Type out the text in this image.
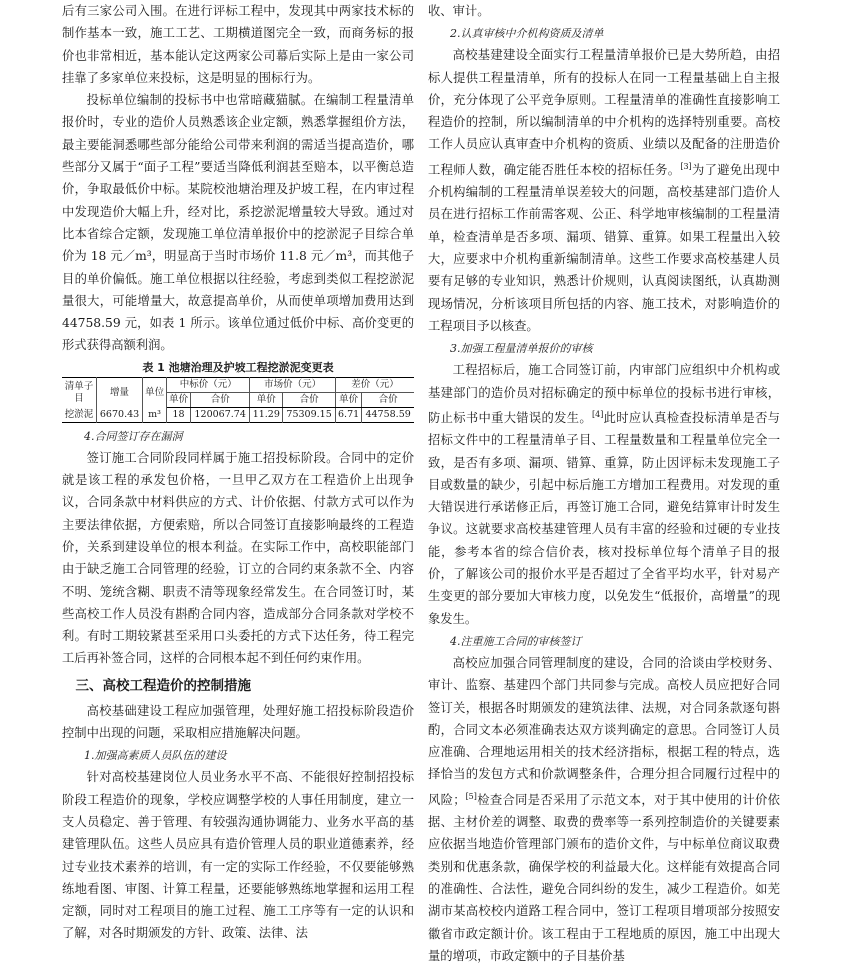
后有三家公司入围。在进行评标工程中，发现其中两家技术标的制作基本一致，施工工艺、工期横道图完全一致，而商务标的报价也非常相近，基本能认定这两家公司幕后实际上是由一家公司挂靠了多家单位来投标，这是明显的围标行为。

投标单位编制的投标书中也常暗藏猫腻。在编制工程量清单报价时，专业的造价人员熟悉该企业定额，熟悉掌握组价方法，最主要能洞悉哪些部分能给公司带来利润的需适当提高造价，哪些部分又属于“面子工程”要适当降低利润甚至赔本，以平衡总造价，争取最低价中标。某院校池塘治理及护坡工程，在内审过程中发现造价大幅上升，经对比，系挖淤泥增量较大导致。通过对比本省综合定额，发现施工单位清单报价中的挖淤泥子目综合单价为 18 元／m³，明显高于当时市场价 11.8 元／m³，而其他子目的单价偏低。施工单位根据以往经验，考虑到类似工程挖淤泥量很大，可能增量大，故意提高单价，从而使单项增加费用达到 44758.59 元，如表 1 所示。该单位通过低价中标、高价变更的形式获得高额利润。

表 1 池塘治理及护坡工程挖淤泥变更表
清单子目	增量	单位	中标价（元）		市场价（元）		差价（元）	
			单价	合价	单价	合价	单价	合价
挖淤泥	6670.43	m³	18	120067.74	11.29	75309.15	6.71	44758.59
4.合同签订存在漏洞

签订施工合同阶段同样属于施工招投标阶段。合同中的定价就是该工程的承发包价格，一旦甲乙双方在工程造价上出现争议，合同条款中材料供应的方式、计价依据、付款方式可以作为主要法律依据，方便索赔，所以合同签订直接影响最终的工程造价，关系到建设单位的根本利益。在实际工作中，高校职能部门由于缺乏施工合同管理的经验，订立的合同约束条款不全、内容不明、笼统含糊、职责不清等现象经常发生。在合同签订时，某些高校工作人员没有斟酌合同内容，造成部分合同条款对学校不利。有时工期较紧甚至采用口头委托的方式下达任务，待工程完工后再补签合同，这样的合同根本起不到任何约束作用。

三、高校工程造价的控制措施

高校基础建设工程应加强管理，处理好施工招投标阶段造价控制中出现的问题，采取相应措施解决问题。

1.加强高素质人员队伍的建设

针对高校基建岗位人员业务水平不高、不能很好控制招投标阶段工程造价的现象，学校应调整学校的人事任用制度，建立一支人员稳定、善于管理、有较强沟通协调能力、业务水平高的基建管理队伍。这些人员应具有造价管理人员的职业道德素养，经过专业技术素养的培训，有一定的实际工作经验，不仅要能够熟练地看图、审图、计算工程量，还要能够熟练地掌握和运用工程定额，同时对工程项目的施工过程、施工工序等有一定的认识和了解，对各时期颁发的方针、政策、法律、法

收、审计。

2.认真审核中介机构资质及清单

高校基建建设全面实行工程量清单报价已是大势所趋，由招标人提供工程量清单，所有的投标人在同一工程量基础上自主报价，充分体现了公平竞争原则。工程量清单的准确性直接影响工程造价的控制，所以编制清单的中介机构的选择特别重要。高校工作人员应认真审查中介机构的资质、业绩以及配备的注册造价工程师人数，确定能否胜任本校的招标任务。[3]为了避免出现中介机构编制的工程量清单误差较大的问题，高校基建部门造价人员在进行招标工作前需客观、公正、科学地审核编制的工程量清单，检查清单是否多项、漏项、错算、重算。如果工程量出入较大，应要求中介机构重新编制清单。这些工作要求高校基建人员要有足够的专业知识，熟悉计价规则，认真阅读图纸，认真勘测现场情况，分析该项目所包括的内容、施工技术，对影响造价的工程项目予以核查。

3.加强工程量清单报价的审核

工程招标后，施工合同签订前，内审部门应组织中介机构或基建部门的造价员对招标确定的预中标单位的投标书进行审核，防止标书中重大错误的发生。[4]此时应认真检查投标清单是否与招标文件中的工程量清单子目、工程量数量和工程量单位完全一致，是否有多项、漏项、错算、重算，防止因评标未发现施工子目或数量的缺少，引起中标后施工方增加工程费用。对发现的重大错误进行承诺修正后，再签订施工合同，避免结算审计时发生争议。这就要求高校基建管理人员有丰富的经验和过硬的专业技能，参考本省的综合信价表，核对投标单位每个清单子目的报价，了解该公司的报价水平是否超过了全省平均水平，针对易产生变更的部分要加大审核力度，以免发生“低报价，高增量”的现象发生。

4.注重施工合同的审核签订

高校应加强合同管理制度的建设，合同的洽谈由学校财务、审计、监察、基建四个部门共同参与完成。高校人员应把好合同签订关，根据各时期颁发的建筑法律、法规，对合同条款逐句斟酌，合同文本必须准确表达双方谈判确定的意思。合同签订人员应准确、合理地运用相关的技术经济指标，根据工程的特点，选择恰当的发包方式和价款调整条件，合理分担合同履行过程中的风险；[5]检查合同是否采用了示范文本，对于其中使用的计价依据、主材价差的调整、取费的费率等一系列控制造价的关键要素应依据当地造价管理部门颁布的造价文件，与中标单位商议取费类别和优惠条款，确保学校的利益最大化。这样能有效提高合同的准确性、合法性，避免合同纠纷的发生，减少工程造价。如芜湖市某高校校内道路工程合同中，签订工程项目增项部分按照安徽省市政定额计价。该工程由于工程地质的原因，施工中出现大量的增项，市政定额中的子目基价基
